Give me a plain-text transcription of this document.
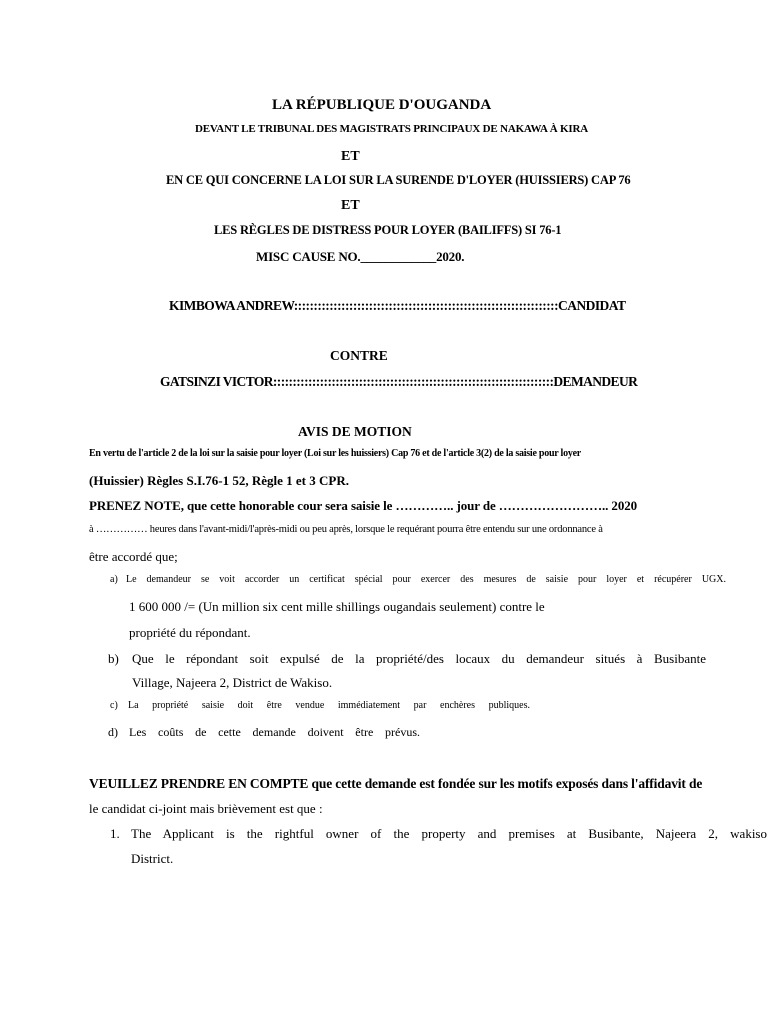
LA RÉPUBLIQUE D'OUGANDA
DEVANT LE TRIBUNAL DES MAGISTRATS PRINCIPAUX DE NAKAWA À KIRA
ET
EN CE QUI CONCERNE LA LOI SUR LA SURENDE D'LOYER (HUISSIERS) CAP 76
ET
LES RÈGLES DE DISTRESS POUR LOYER (BAILIFFS) SI 76-1
MISC CAUSE NO.____________2020.
KIMBOWA ANDREW:::::::::::::::::::::::::::::::::::::::::::::::::::::::::::::::::::CANDIDAT
CONTRE
GATSINZI VICTOR::::::::::::::::::::::::::::::::::::::::::::::::::::::::::::::::::::::::DEMANDEUR
AVIS DE MOTION
En vertu de l'article 2 de la loi sur la saisie pour loyer (Loi sur les huissiers) Cap 76 et de l'article 3(2) de la saisie pour loyer
(Huissier) Règles S.I.76-1 52, Règle 1 et 3 CPR.
PRENEZ NOTE, que cette honorable cour sera saisie le ………….. jour de …………………….. 2020
à …………… heures dans l'avant-midi/l'après-midi ou peu après, lorsque le requérant pourra être entendu sur une ordonnance à
être accordé que;
a) Le demandeur se voit accorder un certificat spécial pour exercer des mesures de saisie pour loyer et récupérer UGX.
1 600 000 /= (Un million six cent mille shillings ougandais seulement) contre le
propriété du répondant.
b) Que le répondant soit expulsé de la propriété/des locaux du demandeur situés à Busibante
Village, Najeera 2, District de Wakiso.
c) La propriété saisie doit être vendue immédiatement par enchères publiques.
d) Les coûts de cette demande doivent être prévus.
VEUILLEZ PRENDRE EN COMPTE que cette demande est fondée sur les motifs exposés dans l'affidavit de
le candidat ci-joint mais brièvement est que :
1. The Applicant is the rightful owner of the property and premises at Busibante, Najeera 2, wakiso
District.
